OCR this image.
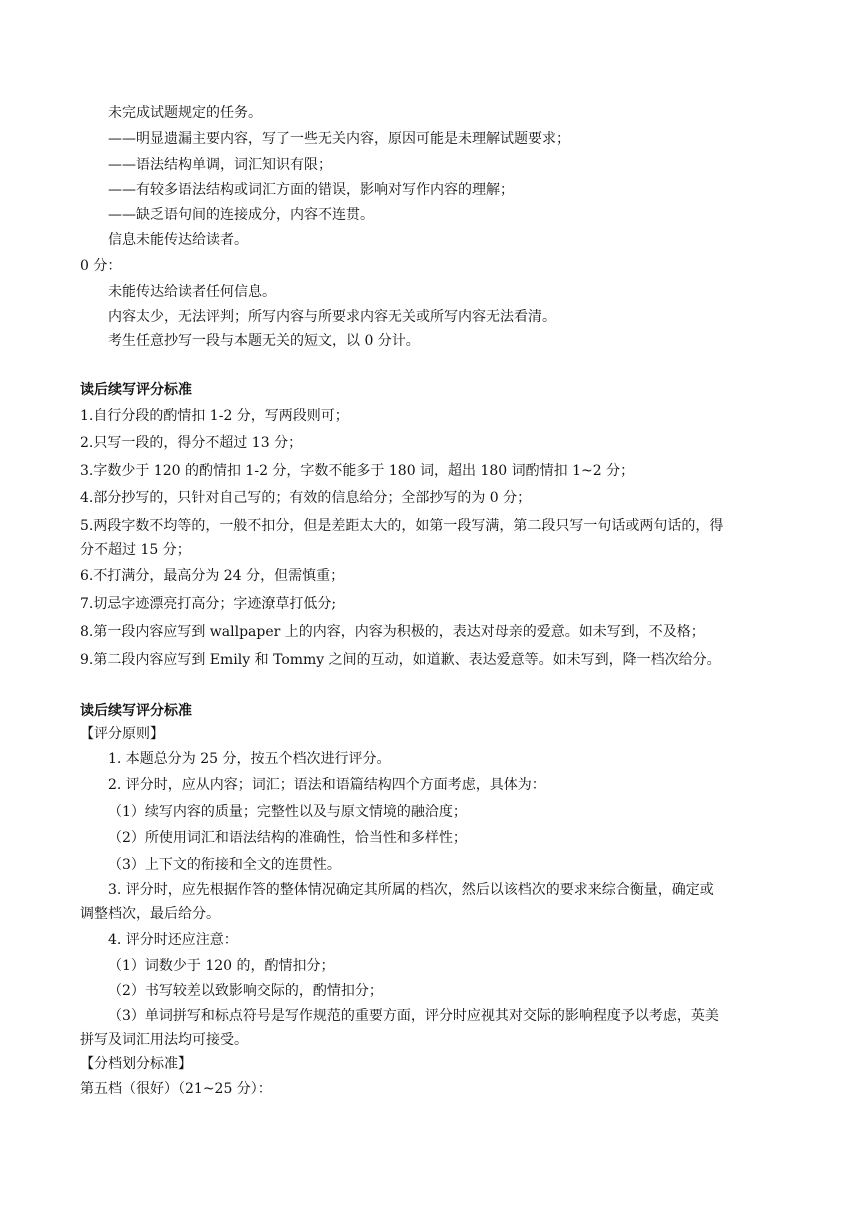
未完成试题规定的任务。
——明显遗漏主要内容，写了一些无关内容，原因可能是未理解试题要求；
——语法结构单调，词汇知识有限；
——有较多语法结构或词汇方面的错误，影响对写作内容的理解；
——缺乏语句间的连接成分，内容不连贯。
信息未能传达给读者。
0 分：
未能传达给读者任何信息。
内容太少，无法评判；所写内容与所要求内容无关或所写内容无法看清。
考生任意抄写一段与本题无关的短文，以 0 分计。
读后续写评分标准
1.自行分段的酌情扣 1-2 分，写两段则可；
2.只写一段的，得分不超过 13 分；
3.字数少于 120 的酌情扣 1-2 分，字数不能多于 180 词，超出 180 词酌情扣 1~2 分；
4.部分抄写的，只针对自己写的；有效的信息给分；全部抄写的为 0 分；
5.两段字数不均等的，一般不扣分，但是差距太大的，如第一段写满，第二段只写一句话或两句话的，得
分不超过 15 分；
6.不打满分，最高分为 24 分，但需慎重；
7.切忌字迹漂亮打高分；字迹潦草打低分;
8.第一段内容应写到 wallpaper 上的内容，内容为积极的，表达对母亲的爱意。如未写到，不及格；
9.第二段内容应写到 Emily 和 Tommy 之间的互动，如道歉、表达爱意等。如未写到，降一档次给分。
读后续写评分标准
【评分原则】
1. 本题总分为 25 分，按五个档次进行评分。
2. 评分时，应从内容；词汇；语法和语篇结构四个方面考虑，具体为：
（1）续写内容的质量；完整性以及与原文情境的融洽度；
（2）所使用词汇和语法结构的准确性，恰当性和多样性；
（3）上下文的衔接和全文的连贯性。
3. 评分时，应先根据作答的整体情况确定其所属的档次，然后以该档次的要求来综合衡量，确定或
调整档次，最后给分。
4. 评分时还应注意：
（1）词数少于 120 的，酌情扣分；
（2）书写较差以致影响交际的，酌情扣分；
（3）单词拼写和标点符号是写作规范的重要方面，评分时应视其对交际的影响程度予以考虑，英美
拼写及词汇用法均可接受。
【分档划分标准】
第五档（很好）（21~25 分）：
